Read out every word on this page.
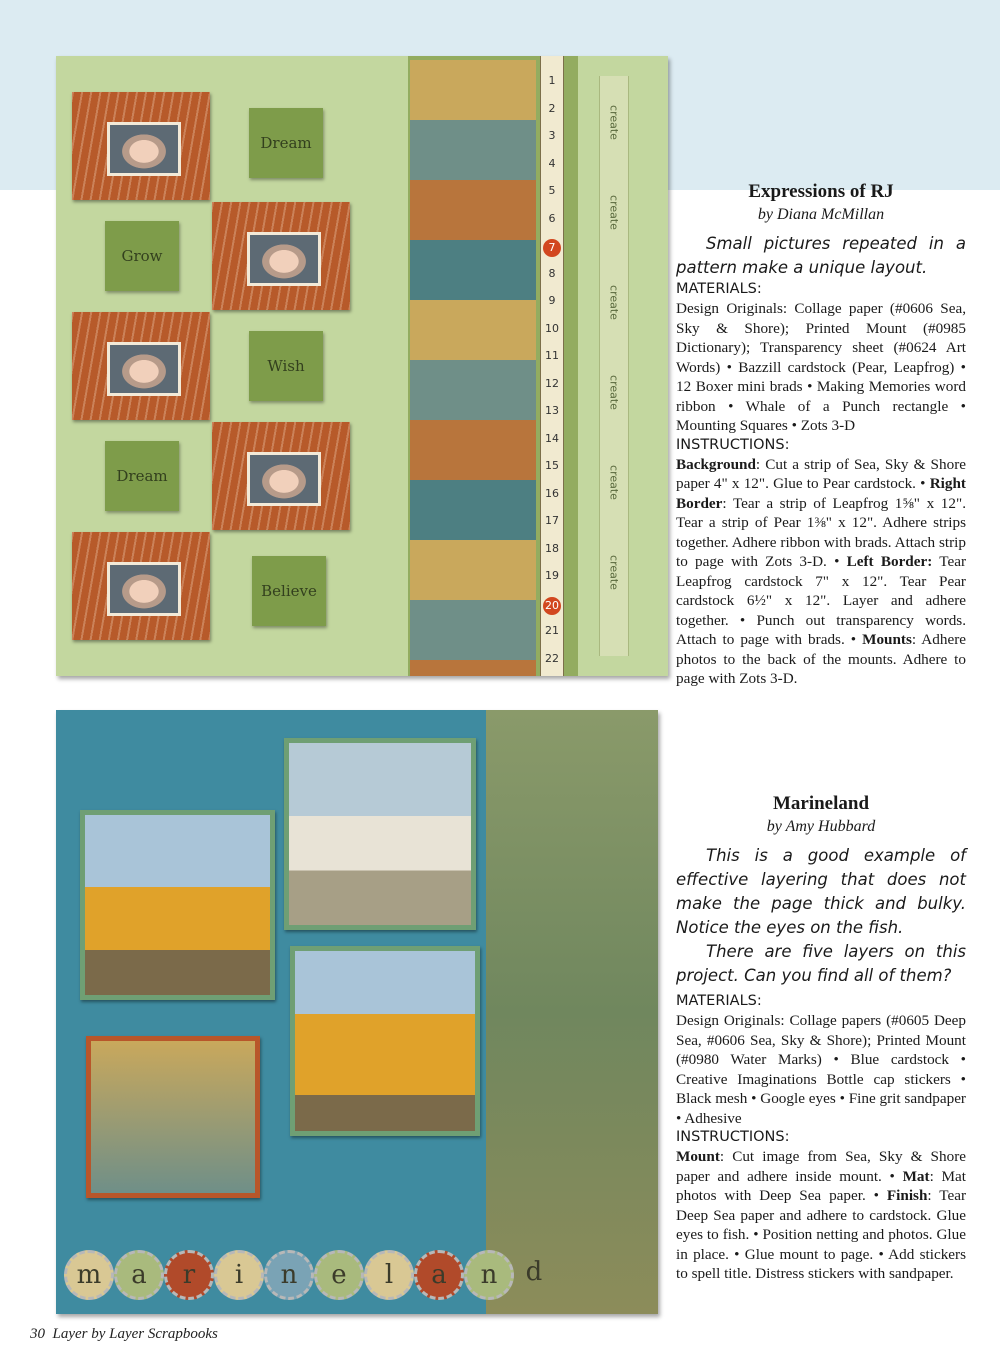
Dream
Grow
Wish
Dream
Believe
1
2
3
4
5
6
7
8
9
10
11
12
13
14
15
16
17
18
19
20
21
22
create
create
create
create
create
create
m	a	r	i	n	e	l	a	n	d

Expressions of RJ

by Diana McMillan

Small pictures repeated in a pattern make a unique layout.

MATERIALS:

Design Originals: Collage paper (#0606 Sea, Sky & Shore); Printed Mount (#0985 Dictionary); Transparency sheet (#0624 Art Words) • Bazzill cardstock (Pear, Leapfrog) • 12 Boxer mini brads • Making Memories word ribbon • Whale of a Punch rectangle • Mounting Squares • Zots 3-D

INSTRUCTIONS:

Background: Cut a strip of Sea, Sky & Shore paper 4" x 12". Glue to Pear cardstock. • Right Border: Tear a strip of Leapfrog 1⅝" x 12". Tear a strip of Pear 1⅜" x 12". Adhere strips together. Adhere ribbon with brads. Attach strip to page with Zots 3-D. • Left Border: Tear Leapfrog cardstock 7" x 12". Tear Pear cardstock 6½" x 12". Layer and adhere together. • Punch out transparency words. Attach to page with brads. • Mounts: Adhere photos to the back of the mounts. Adhere to page with Zots 3-D.

Marineland

by Amy Hubbard

This is a good example of effective layering that does not make the page thick and bulky. Notice the eyes on the fish.

There are five layers on this project. Can you find all of them?

MATERIALS:

Design Originals: Collage papers (#0605 Deep Sea, #0606 Sea, Sky & Shore); Printed Mount (#0980 Water Marks) • Blue cardstock • Creative Imaginations Bottle cap stickers • Black mesh • Google eyes • Fine grit sandpaper • Adhesive

INSTRUCTIONS:

Mount: Cut image from Sea, Sky & Shore paper and adhere inside mount. • Mat: Mat photos with Deep Sea paper. • Finish: Tear Deep Sea paper and adhere to cardstock. Glue eyes to fish. • Position netting and photos. Glue in place. • Glue mount to page. • Add stickers to spell title. Distress stickers with sandpaper.

30 Layer by Layer Scrapbooks
